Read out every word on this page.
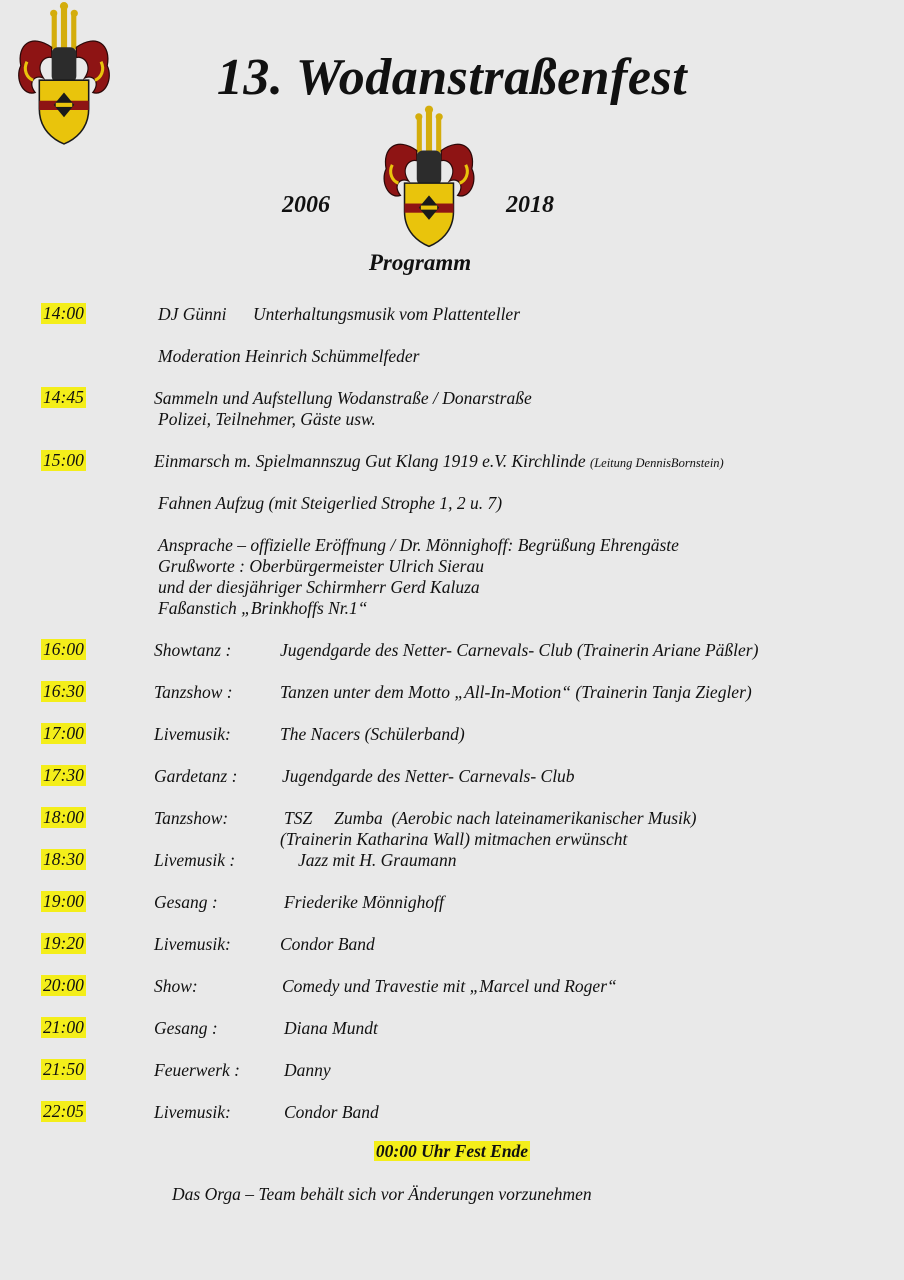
13. Wodanstraßenfest
2006	2018
Programm
14:00	DJ Günni Unterhaltungsmusik vom Plattenteller
Moderation Heinrich Schümmelfeder
14:45	Sammeln und Aufstellung Wodanstraße / Donarstraße
Polizei, Teilnehmer, Gäste usw.
15:00	Einmarsch m. Spielmannszug Gut Klang 1919 e.V. Kirchlinde (Leitung DennisBornstein)
Fahnen Aufzug (mit Steigerlied Strophe 1, 2 u. 7)
Ansprache – offizielle Eröffnung / Dr. Mönnighoff: Begrüßung Ehrengäste
Grußworte : Oberbürgermeister Ulrich Sierau
und der diesjähriger Schirmherr Gerd Kaluza
Faßanstich „Brinkhoffs Nr.1“
16:00	Showtanz :	Jugendgarde des Netter- Carnevals- Club (Trainerin Ariane Päßler)
16:30	Tanzshow :	Tanzen unter dem Motto „All-In-Motion“ (Trainerin Tanja Ziegler)
17:00	Livemusik:	The Nacers (Schülerband)
17:30	Gardetanz :	Jugendgarde des Netter- Carnevals- Club
18:00	Tanzshow:	TSZ     Zumba  (Aerobic nach lateinamerikanischer Musik)
(Trainerin Katharina Wall) mitmachen erwünscht
18:30	Livemusik :	Jazz mit H. Graumann
19:00	Gesang :	Friederike Mönnighoff
19:20	Livemusik:	Condor Band
20:00	Show:	Comedy und Travestie mit „Marcel und Roger“
21:00	Gesang :	Diana Mundt
21:50	Feuerwerk :	Danny
22:05	Livemusik:	Condor Band
00:00 Uhr Fest Ende
Das Orga – Team behält sich vor Änderungen vorzunehmen
